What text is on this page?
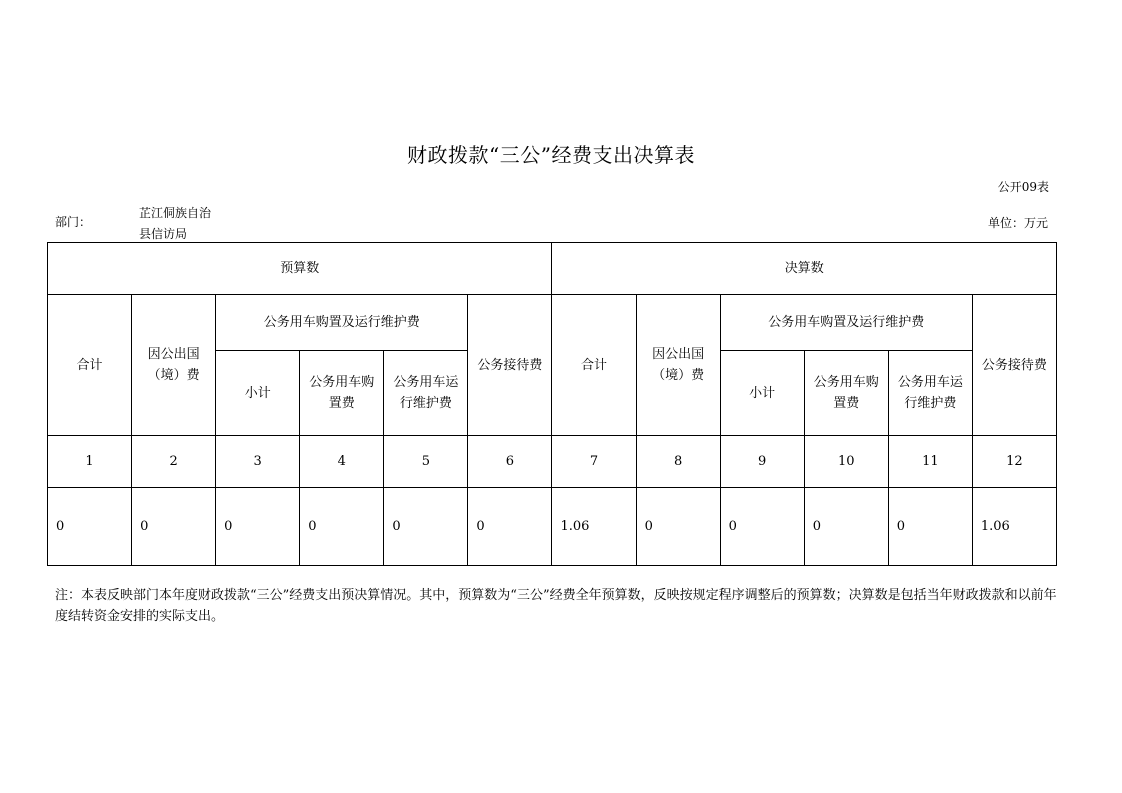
财政拨款“三公”经费支出决算表
公开09表
部门：
芷江侗族自治县信访局
单位：万元
预算数						决算数					
合计	因公出国（境）费	公务用车购置及运行维护费			公务接待费	合计	因公出国（境）费	公务用车购置及运行维护费			公务接待费
		小计	公务用车购置费	公务用车运行维护费				小计	公务用车购置费	公务用车运行维护费	
1	2	3	4	5	6	7	8	9	10	11	12
0	0	0	0	0	0	1.06	0	0	0	0	1.06
注：本表反映部门本年度财政拨款“三公”经费支出预决算情况。其中，预算数为“三公”经费全年预算数，反映按规定程序调整后的预算数；决算数是包括当年财政拨款和以前年度结转资金安排的实际支出。
